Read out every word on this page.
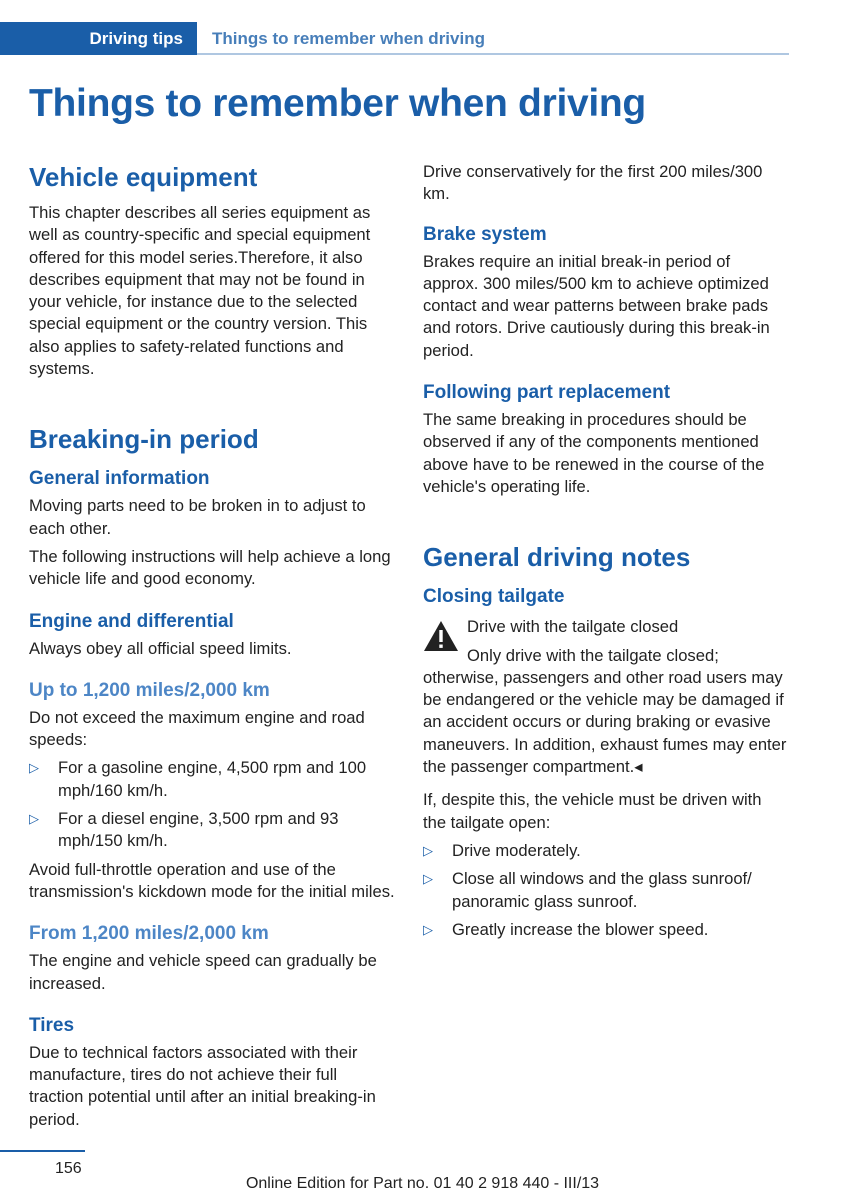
Driving tips	Things to remember when driving
Things to remember when driving
Vehicle equipment

This chapter describes all series equipment as well as country-specific and special equipment offered for this model series.Therefore, it also describes equipment that may not be found in your vehicle, for instance due to the selected special equipment or the country version. This also applies to safety-related functions and systems.

Breaking-in period
General information

Moving parts need to be broken in to adjust to each other.

The following instructions will help achieve a long vehicle life and good economy.

Engine and differential

Always obey all official speed limits.

Up to 1,200 miles/2,000 km

Do not exceed the maximum engine and road speeds:

▷ For a gasoline engine, 4,500 rpm and 100 mph/160 km/h.
▷ For a diesel engine, 3,500 rpm and 93 mph/150 km/h.

Avoid full-throttle operation and use of the transmission's kickdown mode for the initial miles.

From 1,200 miles/2,000 km

The engine and vehicle speed can gradually be increased.

Tires

Due to technical factors associated with their manufacture, tires do not achieve their full traction potential until after an initial breaking-in period.

Drive conservatively for the first 200 miles/300 km.

Brake system

Brakes require an initial break-in period of approx. 300 miles/500 km to achieve optimized contact and wear patterns between brake pads and rotors. Drive cautiously during this break-in period.

Following part replacement

The same breaking in procedures should be observed if any of the components mentioned above have to be renewed in the course of the vehicle's operating life.

General driving notes
Closing tailgate

Drive with the tailgate closed

Only drive with the tailgate closed; otherwise, passengers and other road users may be endangered or the vehicle may be damaged if an accident occurs or during braking or evasive maneuvers. In addition, exhaust fumes may enter the passenger compartment.◂

If, despite this, the vehicle must be driven with the tailgate open:

▷ Drive moderately.
▷ Close all windows and the glass sunroof/ panoramic glass sunroof.
▷ Greatly increase the blower speed.
156
Online Edition for Part no. 01 40 2 918 440 - III/13
